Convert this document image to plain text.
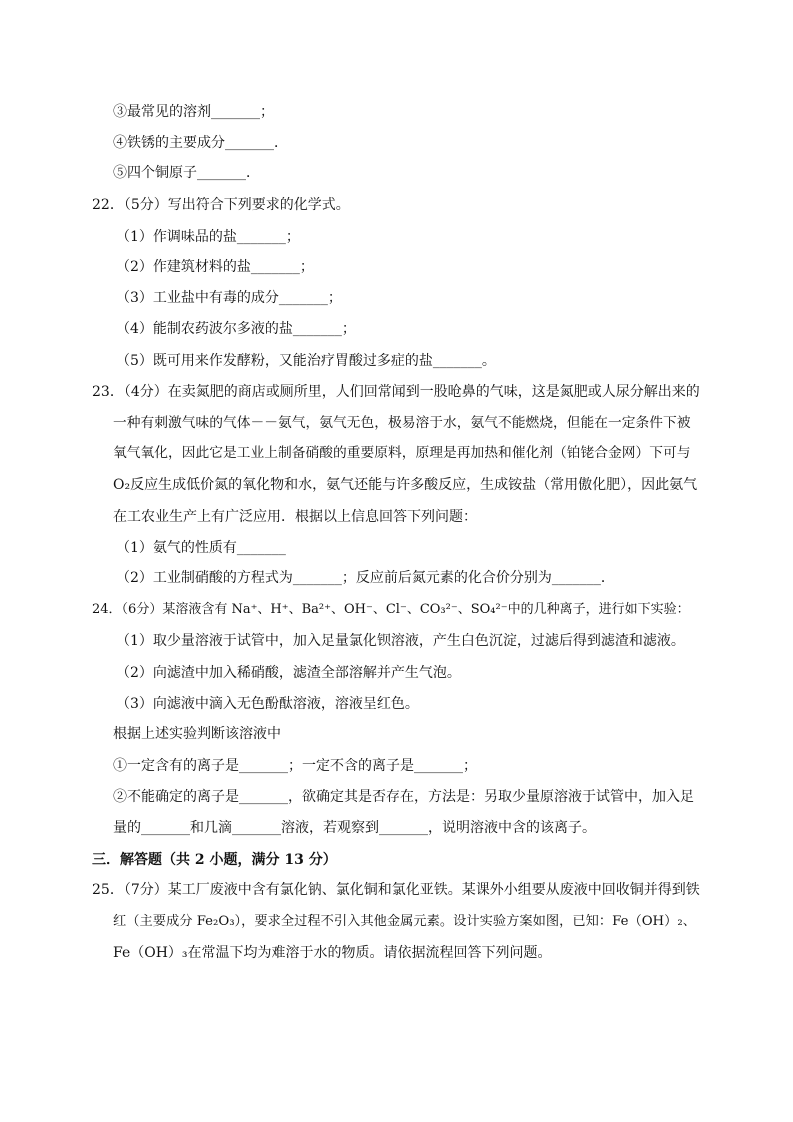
③最常见的溶剂_______；
④铁锈的主要成分_______．
⑤四个铜原子_______．
22．（5分）写出符合下列要求的化学式。
（1）作调味品的盐_______；
（2）作建筑材料的盐_______；
（3）工业盐中有毒的成分_______；
（4）能制农药波尔多液的盐_______；
（5）既可用来作发酵粉，又能治疗胃酸过多症的盐_______。
23．（4分）在卖氮肥的商店或厕所里，人们回常闻到一股呛鼻的气味，这是氮肥或人尿分解出来的
一种有刺激气味的气体－－氨气，氨气无色，极易溶于水，氨气不能燃烧，但能在一定条件下被
氧气氧化，因此它是工业上制备硝酸的重要原料，原理是再加热和催化剂（铂铑合金网）下可与
O₂反应生成低价氮的氧化物和水，氨气还能与许多酸反应，生成铵盐（常用傲化肥），因此氨气
在工农业生产上有广泛应用．根据以上信息回答下列问题：
（1）氨气的性质有_______
（2）工业制硝酸的方程式为_______；反应前后氮元素的化合价分别为_______．
24．（6分）某溶液含有 Na⁺、H⁺、Ba²⁺、OH⁻、Cl⁻、CO₃²⁻、SO₄²⁻中的几种离子，进行如下实验：
（1）取少量溶液于试管中，加入足量氯化钡溶液，产生白色沉淀，过滤后得到滤渣和滤液。
（2）向滤渣中加入稀硝酸，滤渣全部溶解并产生气泡。
（3）向滤液中滴入无色酚酞溶液，溶液呈红色。
根据上述实验判断该溶液中
①一定含有的离子是_______；一定不含的离子是_______；
②不能确定的离子是_______，欲确定其是否存在，方法是：另取少量原溶液于试管中，加入足
量的_______和几滴_______溶液，若观察到_______，说明溶液中含的该离子。
三．解答题（共 2 小题，满分 13 分）
25．（7分）某工厂废液中含有氯化钠、氯化铜和氯化亚铁。某课外小组要从废液中回收铜并得到铁
红（主要成分 Fe₂O₃），要求全过程不引入其他金属元素。设计实验方案如图，已知：Fe（OH）₂、
Fe（OH）₃在常温下均为难溶于水的物质。请依据流程回答下列问题。
